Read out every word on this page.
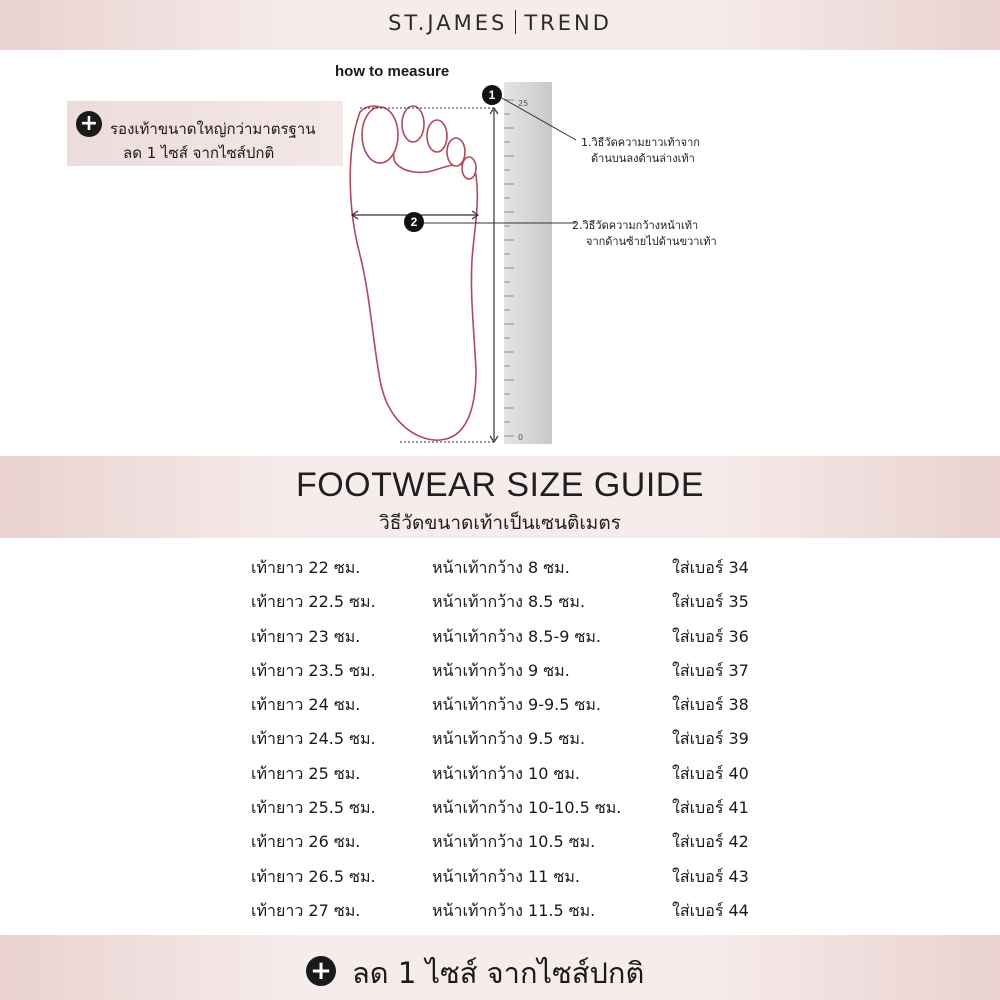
ST.JAMES TREND
how to measure
+ รองเท้าขนาดใหญ่กว่ามาตรฐาน
ลด 1 ไซส์ จากไซส์ปกติ
25
0
1
2
1.วิธีวัดความยาวเท้าจาก
ด้านบนลงด้านล่างเท้า
2.วิธีวัดความกว้างหน้าเท้า
จากด้านซ้ายไปด้านขวาเท้า
FOOTWEAR SIZE GUIDE
วิธีวัดขนาดเท้าเป็นเซนติเมตร
เท้ายาว 22 ซม.	หน้าเท้ากว้าง 8 ซม.	ใส่เบอร์ 34
เท้ายาว 22.5 ซม.	หน้าเท้ากว้าง 8.5 ซม.	ใส่เบอร์ 35
เท้ายาว 23 ซม.	หน้าเท้ากว้าง 8.5-9 ซม.	ใส่เบอร์ 36
เท้ายาว 23.5 ซม.	หน้าเท้ากว้าง 9 ซม.	ใส่เบอร์ 37
เท้ายาว 24 ซม.	หน้าเท้ากว้าง 9-9.5 ซม.	ใส่เบอร์ 38
เท้ายาว 24.5 ซม.	หน้าเท้ากว้าง 9.5 ซม.	ใส่เบอร์ 39
เท้ายาว 25 ซม.	หน้าเท้ากว้าง 10 ซม.	ใส่เบอร์ 40
เท้ายาว 25.5 ซม.	หน้าเท้ากว้าง 10-10.5 ซม.	ใส่เบอร์ 41
เท้ายาว 26 ซม.	หน้าเท้ากว้าง 10.5 ซม.	ใส่เบอร์ 42
เท้ายาว 26.5 ซม.	หน้าเท้ากว้าง 11 ซม.	ใส่เบอร์ 43
เท้ายาว 27 ซม.	หน้าเท้ากว้าง 11.5 ซม.	ใส่เบอร์ 44
+ ลด 1 ไซส์ จากไซส์ปกติ
